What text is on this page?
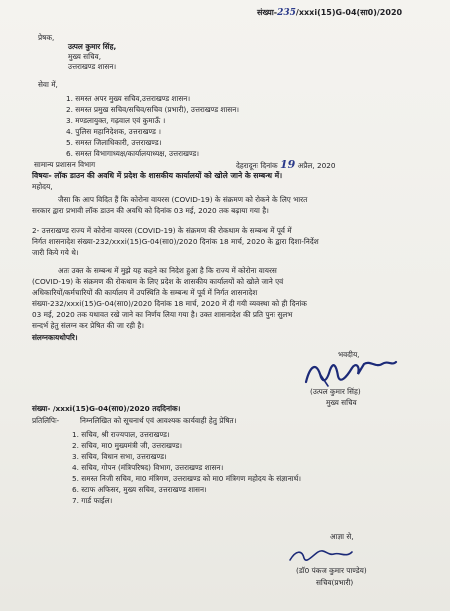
संख्या-235/xxxi(15)G-04(सा0)/2020
प्रेषक,
उत्पल कुमार सिंह,
मुख्य सचिव,
उत्तराखण्ड शासन।
सेवा में,
1. समस्त अपर मुख्य सचिव,उत्तराखण्ड शासन।
2. समस्त प्रमुख सचिव/सचिव/सचिव (प्रभारी), उत्तराखण्ड शासन।
3. मण्डलायुक्त, गढ़वाल एवं कुमाऊँ ।
4. पुलिस महानिदेशक, उत्तराखण्ड ।
5. समस्त जिलाधिकारी, उत्तराखण्ड।
6. समस्त विभागाध्यक्ष/कार्यालयाध्यक्ष, उत्तराखण्ड।
सामान्य प्रशासन विभाग	देहरादूनः दिनांक 19 अप्रैल, 2020
विषयः- लॉक डाउन की अवधि में प्रदेश के शासकीय कार्यालयों को खोले जाने के सम्बन्ध में।
महोदय,
जैसा कि आप विदित हैं कि कोरोना वायरस (COVID-19) के संक्रमण को रोकने के लिए भारत
सरकार द्वारा प्रभावी लॉक डाउन की अवधि को दिनांक 03 मई, 2020 तक बढ़ाया गया है।
2- उत्तराखण्ड राज्य में कोरोना वायरस (COVID-19) के संक्रमण की रोकथाम के सम्बन्ध में पूर्व में
निर्गत शासनादेश संख्या-232/xxxi(15)G-04(सा0)/2020 दिनांक 18 मार्च, 2020 के द्वारा दिशा-निर्देश
जारी किये गये थे।
अतः उक्त के सम्बन्ध में मुझे यह कहने का निदेश हुआ है कि राज्य में कोरोना वायरस
(COVID-19) के संक्रमण की रोकथाम के लिए प्रदेश के शासकीय कार्यालयों को खोले जाने एवं
अधिकारियों/कर्मचारियों की कार्यालय में उपस्थिति के सम्बन्ध में पूर्व में निर्गत शासनादेश
संख्या-232/xxxi(15)G-04(सा0)/2020 दिनांक 18 मार्च, 2020 में दी गयी व्यवस्था को ही दिनांक
03 मई, 2020 तक यथावत रखे जाने का निर्णय लिया गया है। उक्त शासनादेश की प्रति पुनः सुलभ
सन्दर्भ हेतु संलग्न कर प्रेषित की जा रही है।
संलग्नकःयथोपरि।
भवदीय,
(उत्पल कुमार सिंह)
मुख्य सचिव
संख्या- /xxxi(15)G-04(सा0)/2020 तददिनांक।
प्रतिलिपिः-	निम्नलिखित को सूचनार्थ एवं आवश्यक कार्यवाही हेतु प्रेषित।
1. सचिव, श्री राज्यपाल, उत्तराखण्ड।
2. सचिव, मा0 मुख्यमंत्री जी, उत्तराखण्ड।
3. सचिव, विधान सभा, उत्तराखण्ड।
4. सचिव, गोपन (मंत्रिपरिषद) विभाग, उत्तराखण्ड शासन।
5. समस्त निजी सचिव, मा0 मंत्रिगण, उत्तराखण्ड को मा0 मंत्रिगण महोदय के संज्ञानार्थ।
6. स्टाफ अफिसर, मुख्य सचिव, उत्तराखण्ड शासन।
7. गार्ड फाईल।
आज्ञा से,
(डॉ0 पंकज कुमार पाण्डेय)
सचिव(प्रभारी)
